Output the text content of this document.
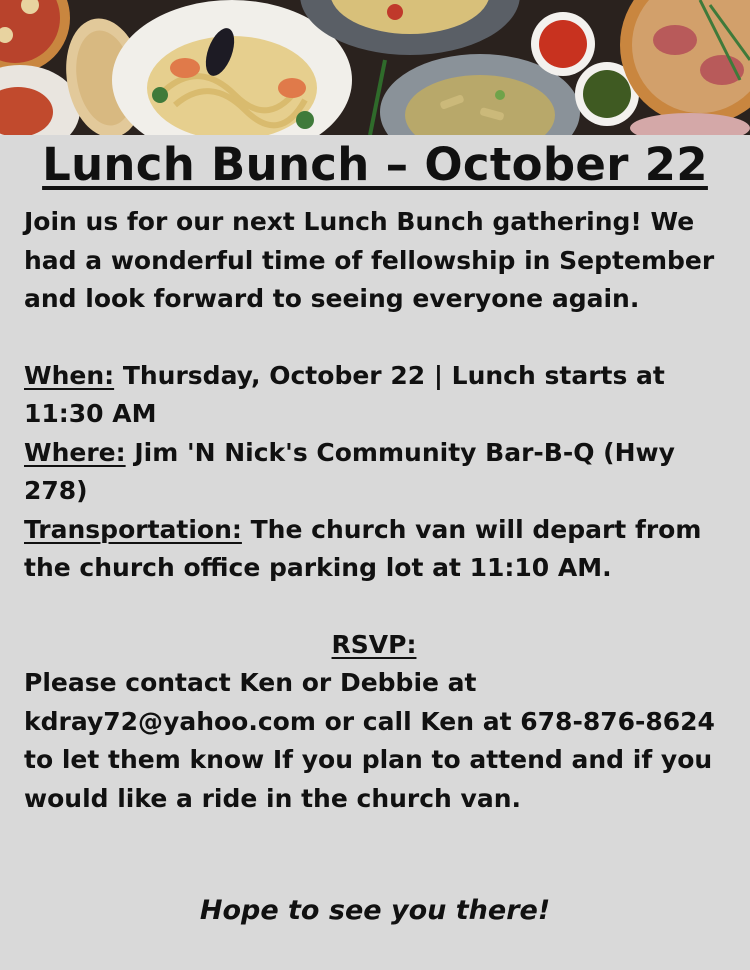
Lunch Bunch – October 22

Join us for our next Lunch Bunch gathering! We had a wonderful time of fellowship in September and look forward to seeing everyone again.

When: Thursday, October 22 | Lunch starts at 11:30 AM

Where: Jim 'N Nick's Community Bar-B-Q (Hwy 278)

Transportation: The church van will depart from the church office parking lot at 11:10 AM.

RSVP:

Please contact Ken or Debbie at kdray72@yahoo.com or call Ken at 678-876-8624 to let them know If you plan to attend and if you would like a ride in the church van.

Hope to see you there!
